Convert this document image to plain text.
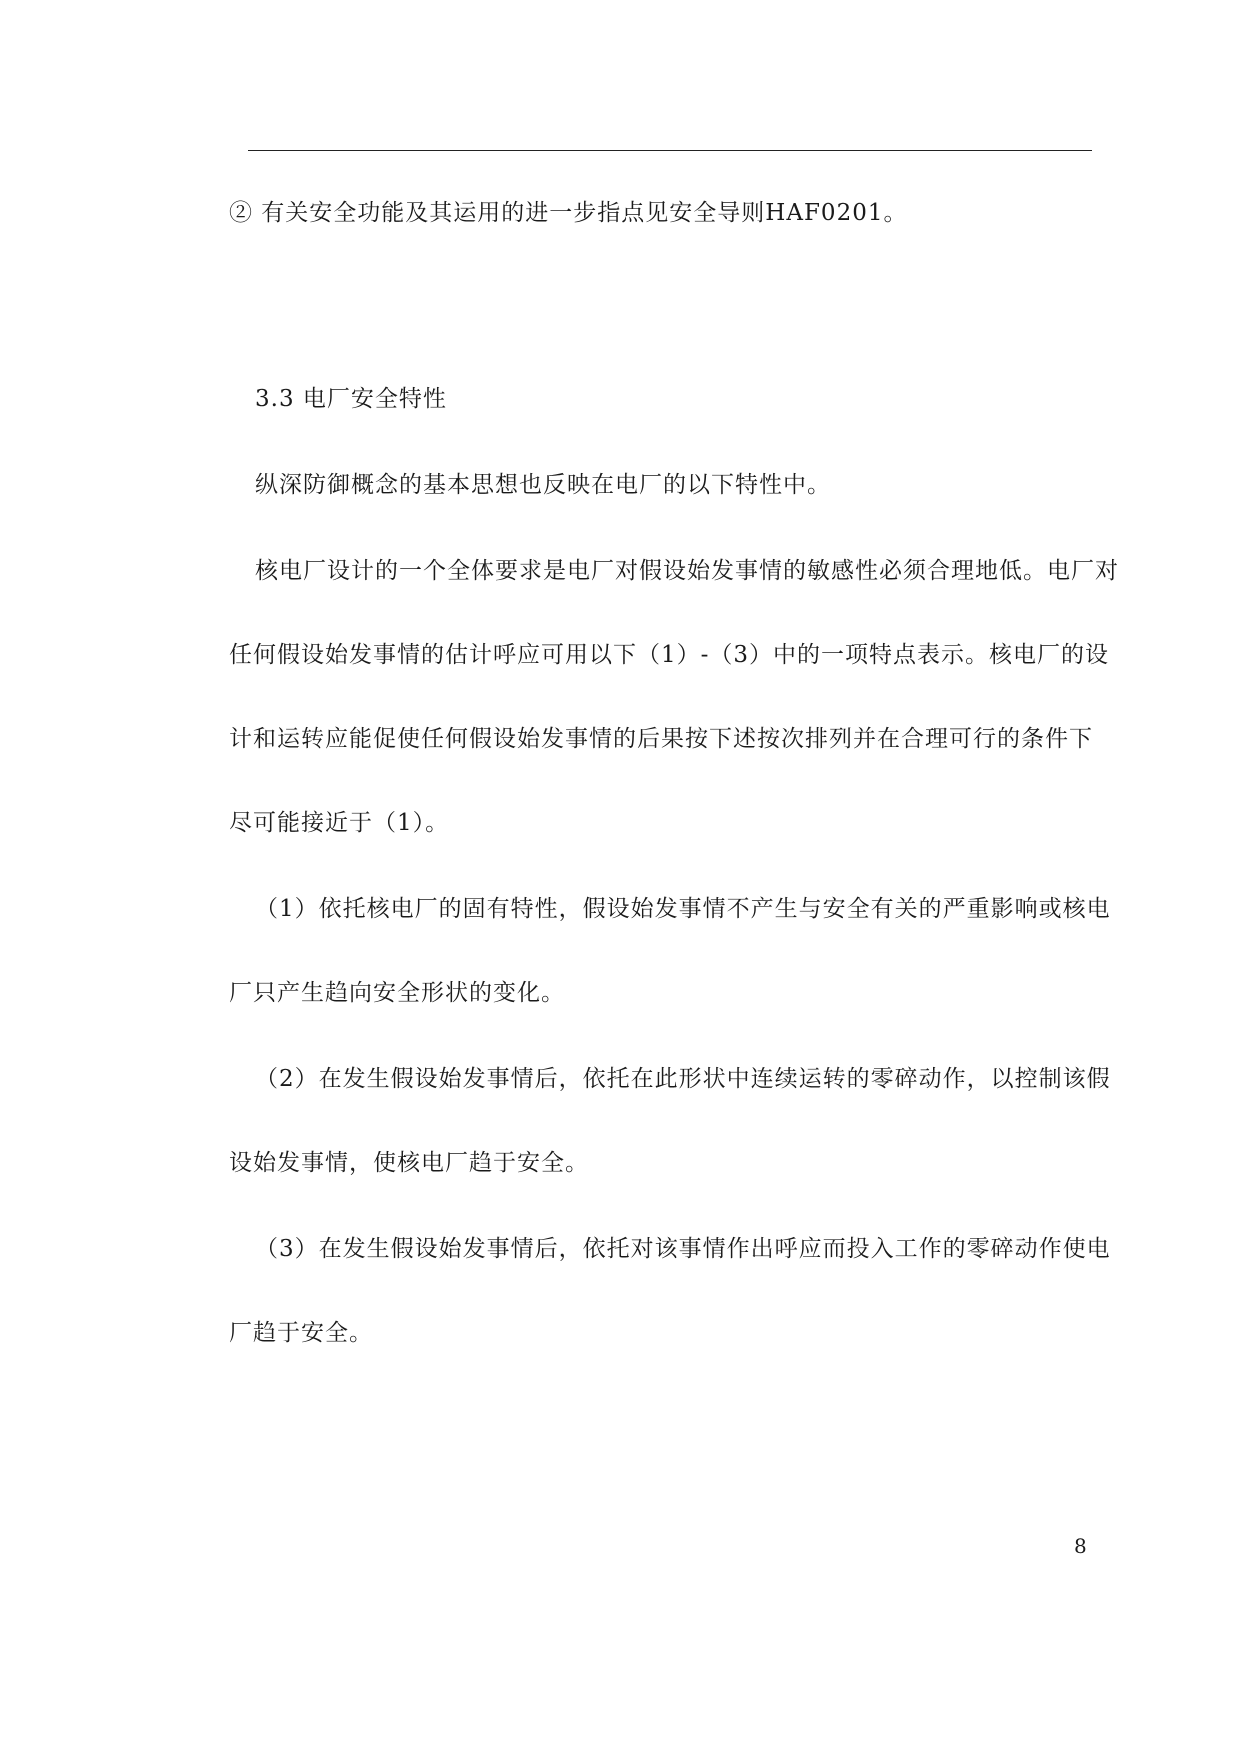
② 有关安全功能及其运用的进一步指点见安全导则HAF0201。
3.3 电厂安全特性
纵深防御概念的基本思想也反映在电厂的以下特性中。
核电厂设计的一个全体要求是电厂对假设始发事情的敏感性必须合理地低。电厂对
任何假设始发事情的估计呼应可用以下（1）-（3）中的一项特点表示。核电厂的设
计和运转应能促使任何假设始发事情的后果按下述按次排列并在合理可行的条件下
尽可能接近于（1）。
（1）依托核电厂的固有特性，假设始发事情不产生与安全有关的严重影响或核电
厂只产生趋向安全形状的变化。
（2）在发生假设始发事情后，依托在此形状中连续运转的零碎动作，以控制该假
设始发事情，使核电厂趋于安全。
（3）在发生假设始发事情后，依托对该事情作出呼应而投入工作的零碎动作使电
厂趋于安全。
8
